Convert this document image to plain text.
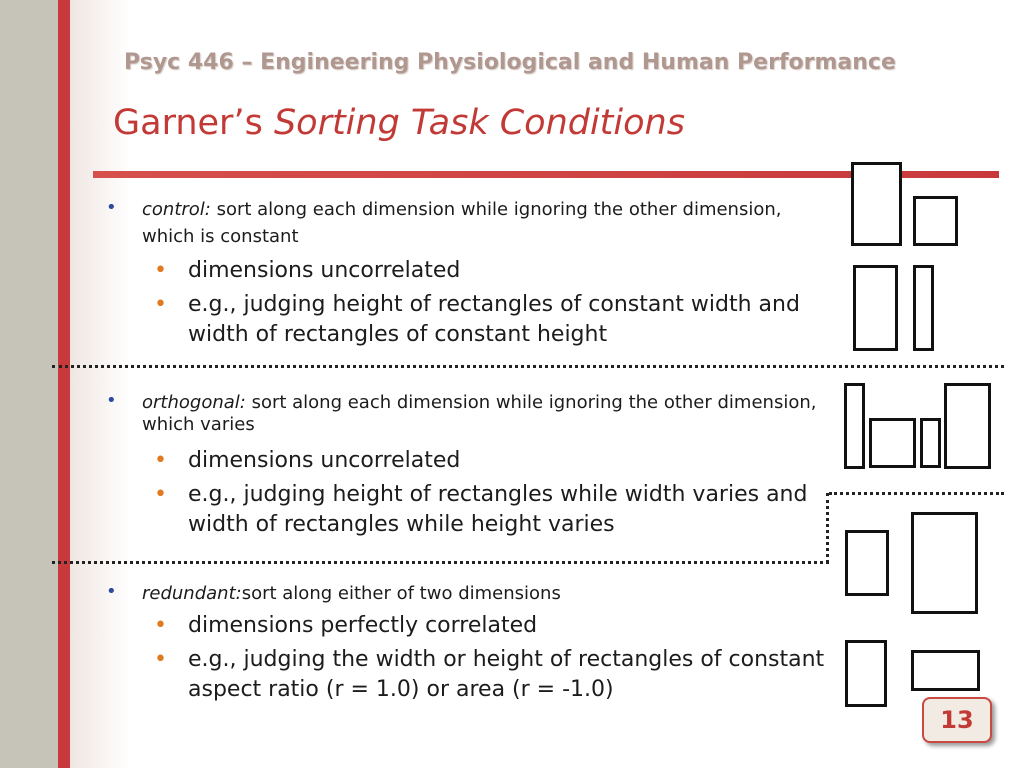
Psyc 446 – Engineering Physiological and Human Performance
Garner’s Sorting Task Conditions
• control: sort along each dimension while ignoring the other dimension, which is constant
• dimensions uncorrelated
• e.g., judging height of rectangles of constant width and width of rectangles of constant height
• orthogonal: sort along each dimension while ignoring the other dimension, which varies
• dimensions uncorrelated
• e.g., judging height of rectangles while width varies and width of rectangles while height varies
• redundant:sort along either of two dimensions
• dimensions perfectly correlated
• e.g., judging the width or height of rectangles of constant aspect ratio (r = 1.0) or area (r = -1.0)
13
